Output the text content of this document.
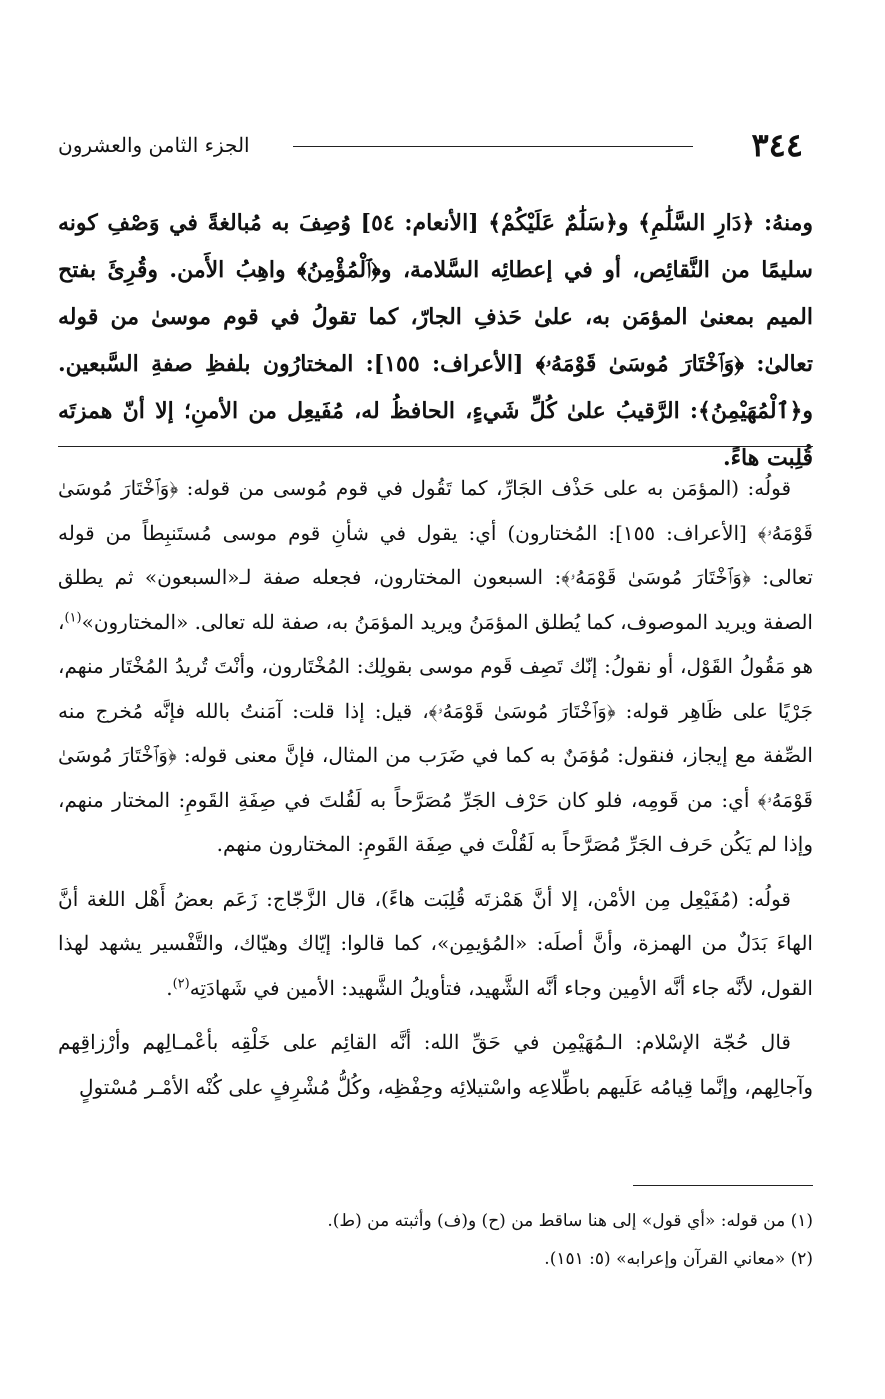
٣٤٤
الجزء الثامن والعشرون

ومنهُ: ﴿دَارِ السَّلَٰمِ﴾ و﴿سَلَٰمٌ عَلَيْكُمْ﴾ [الأنعام: ٥٤] وُصِفَ به مُبالغةً في وَصْفِ كونه سليمًا من النَّقائِص، أو في إعطائِه السَّلامة، و﴿ٱلْمُؤْمِنُ﴾ واهِبُ الأَمن. وقُرِئَ بفتح الميم بمعنىٰ المؤمَن به، علىٰ حَذفِ الجارّ، كما تقولُ في قوم موسىٰ من قوله تعالىٰ: ﴿وَٱخْتَارَ مُوسَىٰ قَوْمَهُۥ﴾ [الأعراف: ١٥٥]: المختارُون بلفظِ صفةِ السَّبعين. و﴿ٱلْمُهَيْمِنُ﴾: الرَّقيبُ علىٰ كُلِّ شَيءٍ، الحافظُ له، مُفَيعِل من الأمنِ؛ إلا أنّ همزتَه قُلِبت هاءً.

قولُه: (المؤمَن به على حَذْف الجَارِّ، كما تَقُول في قوم مُوسى من قوله: ﴿وَٱخْتَارَ مُوسَىٰ قَوْمَهُۥ﴾ [الأعراف: ١٥٥]: المُختارون) أي: يقول في شأنِ قوم موسى مُستَنبِطاً من قوله تعالى: ﴿وَٱخْتَارَ مُوسَىٰ قَوْمَهُۥ﴾: السبعون المختارون، فجعله صفة لـ«السبعون» ثم يطلق الصفة ويريد الموصوف، كما يُطلق المؤمَنُ ويريد المؤمَنُ به، صفة لله تعالى. «المختارون»$^{(١)}$، هو مَقُولُ القَوْل، أو نقولُ: إنّك تَصِف قَوم موسى بقولِك: المُخْتَارون، وأنْتَ تُريدُ المُخْتَار منهم، جَرْيًا على ظَاهِر قوله: ﴿وَٱخْتَارَ مُوسَىٰ قَوْمَهُۥ﴾، قيل: إذا قلت: آمَنتُ بالله فإنَّه مُخرج منه الصِّفة مع إيجاز، فنقول: مُؤمَنٌ به كما في ضَرَب من المثال، فإنَّ معنى قوله: ﴿وَٱخْتَارَ مُوسَىٰ قَوْمَهُۥ﴾ أي: من قَومِه، فلو كان حَرْف الجَرِّ مُصَرَّحاً به لَقُلتَ في صِفَةِ القَومِ: المختار منهم، وإذا لم يَكُن حَرف الجَرِّ مُصَرَّحاً به لَقُلْتَ في صِفَة القَومِ: المختارون منهم.

قولُه: (مُفَيْعِل مِن الأمْن، إلا أنَّ هَمْزتَه قُلِبَت هاءً)، قال الزَّجّاج: زَعَم بعضُ أَهْل اللغة أنَّ الهاءَ بَدَلٌ من الهمزة، وأنَّ أصلَه: «المُؤيمِن»، كما قالوا: إيّاك وهيّاك، والتَّفْسير يشهد لهذا القول، لأنَّه جاء أنَّه الأمِين وجاء أنَّه الشَّهيد، فتأويلُ الشَّهيد: الأمين في شَهادَتِه$^{(٢)}$.

قال حُجّة الإسْلام: الـمُهَيْمِن في حَقِّ الله: أنَّه القائِم على خَلْقِه بأعْمـالِهم وأرْزاقِهم وآجالِهم، وإنَّما قِيامُه عَلَيهم باطِّلاعِه واسْتيلائِه وحِفْظِه، وكُلُّ مُشْرِفٍ على كُنْه الأمْـر مُسْتولٍ

(١) من قوله: «أي قول» إلى هنا ساقط من (ح) و(ف) وأثبته من (ط).

(٢) «معاني القرآن وإعرابه» (٥: ١٥١).
